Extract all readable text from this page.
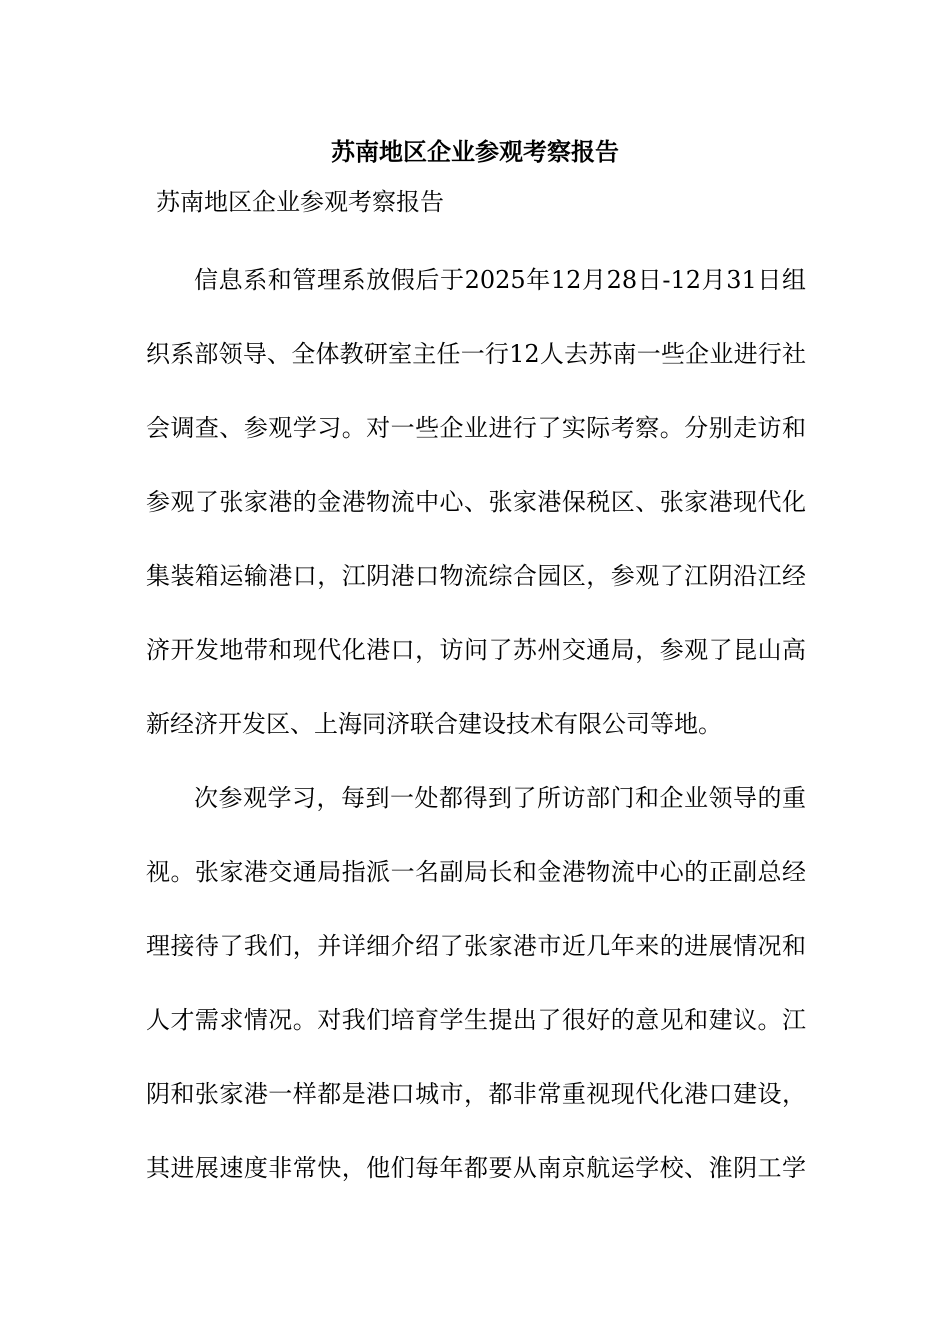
苏南地区企业参观考察报告
苏南地区企业参观考察报告
信息系和管理系放假后于2025年12月28日-12月31日组
织系部领导、全体教研室主任一行12人去苏南一些企业进行社
会调查、参观学习。对一些企业进行了实际考察。分别走访和
参观了张家港的金港物流中心、张家港保税区、张家港现代化
集装箱运输港口，江阴港口物流综合园区，参观了江阴沿江经
济开发地带和现代化港口，访问了苏州交通局，参观了昆山高
新经济开发区、上海同济联合建设技术有限公司等地。
次参观学习，每到一处都得到了所访部门和企业领导的重
视。张家港交通局指派一名副局长和金港物流中心的正副总经
理接待了我们，并详细介绍了张家港市近几年来的进展情况和
人才需求情况。对我们培育学生提出了很好的意见和建议。江
阴和张家港一样都是港口城市，都非常重视现代化港口建设，
其进展速度非常快，他们每年都要从南京航运学校、淮阴工学
